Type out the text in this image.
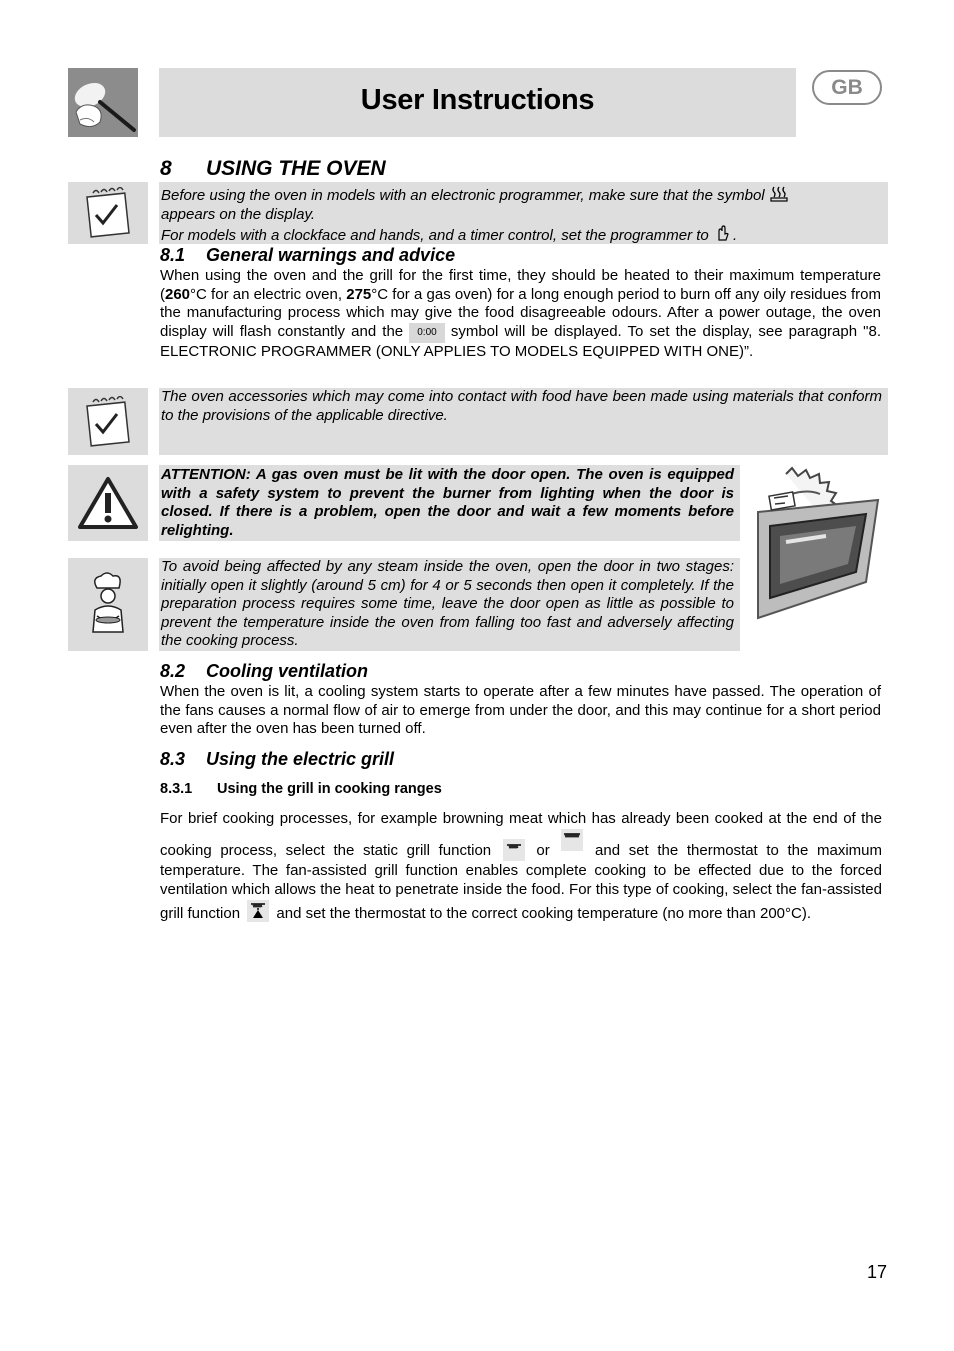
User Instructions	GB
8 USING THE OVEN
Before using the oven in models with an electronic programmer, make sure that the symbol
appears on the display.
For models with a clockface and hands, and a timer control, set the programmer to .
8.1 General warnings and advice
When using the oven and the grill for the first time, they should be heated to their maximum temperature (260°C for an electric oven, 275°C for a gas oven) for a long enough period to burn off any oily residues from the manufacturing process which may give the food disagreeable odours. After a power outage, the oven display will flash constantly and the 0:00 symbol will be displayed. To set the display, see paragraph "8. ELECTRONIC PROGRAMMER (ONLY APPLIES TO MODELS EQUIPPED WITH ONE)”.
The oven accessories which may come into contact with food have been made using materials that conform to the provisions of the applicable directive.
ATTENTION: A gas oven must be lit with the door open. The oven is equipped with a safety system to prevent the burner from lighting when the door is closed. If there is a problem, open the door and wait a few moments before relighting.
To avoid being affected by any steam inside the oven, open the door in two stages: initially open it slightly (around 5 cm) for 4 or 5 seconds then open it completely. If the preparation process requires some time, leave the door open as little as possible to prevent the temperature inside the oven from falling too fast and adversely affecting the cooking process.
8.2 Cooling ventilation
When the oven is lit, a cooling system starts to operate after a few minutes have passed. The operation of the fans causes a normal flow of air to emerge from under the door, and this may continue for a short period even after the oven has been turned off.
8.3 Using the electric grill
8.3.1 Using the grill in cooking ranges
For brief cooking processes, for example browning meat which has already been cooked at the end of the cooking process, select the static grill function	or	and set the thermostat to the maximum temperature. The fan-assisted grill function enables complete cooking to be effected due to the forced ventilation which allows the heat to penetrate inside the food. For this type of cooking, select the fan-assisted grill function and set the thermostat to the correct cooking temperature (no more than 200°C).
17
